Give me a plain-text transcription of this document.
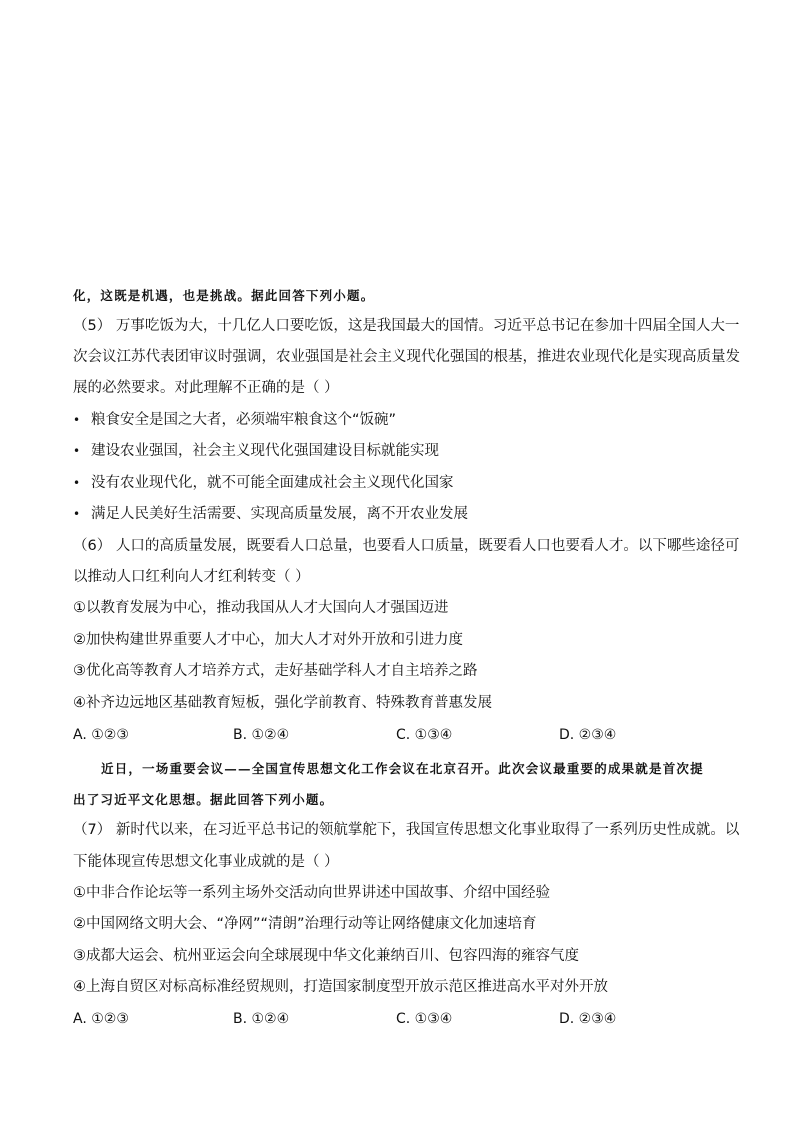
化，这既是机遇，也是挑战。据此回答下列小题。
（5） 万事吃饭为大，十几亿人口要吃饭，这是我国最大的国情。习近平总书记在参加十四届全国人大一
次会议江苏代表团审议时强调，农业强国是社会主义现代化强国的根基，推进农业现代化是实现高质量发
展的必然要求。对此理解不正确的是（ ）
• 粮食安全是国之大者，必须端牢粮食这个“饭碗”
• 建设农业强国，社会主义现代化强国建设目标就能实现
• 没有农业现代化，就不可能全面建成社会主义现代化国家
• 满足人民美好生活需要、实现高质量发展，离不开农业发展
（6） 人口的高质量发展，既要看人口总量，也要看人口质量，既要看人口也要看人才。以下哪些途径可
以推动人口红利向人才红利转变（ ）
①以教育发展为中心，推动我国从人才大国向人才强国迈进
②加快构建世界重要人才中心，加大人才对外开放和引进力度
③优化高等教育人才培养方式，走好基础学科人才自主培养之路
④补齐边远地区基础教育短板，强化学前教育、特殊教育普惠发展
A. ①②③	B. ①②④	C. ①③④	D. ②③④
近日，一场重要会议——全国宣传思想文化工作会议在北京召开。此次会议最重要的成果就是首次提
出了习近平文化思想。据此回答下列小题。
（7） 新时代以来，在习近平总书记的领航掌舵下，我国宣传思想文化事业取得了一系列历史性成就。以
下能体现宣传思想文化事业成就的是（ ）
①中非合作论坛等一系列主场外交活动向世界讲述中国故事、介绍中国经验
②中国网络文明大会、“净网”“清朗”治理行动等让网络健康文化加速培育
③成都大运会、杭州亚运会向全球展现中华文化兼纳百川、包容四海的雍容气度
④上海自贸区对标高标准经贸规则，打造国家制度型开放示范区推进高水平对外开放
A. ①②③	B. ①②④	C. ①③④	D. ②③④
